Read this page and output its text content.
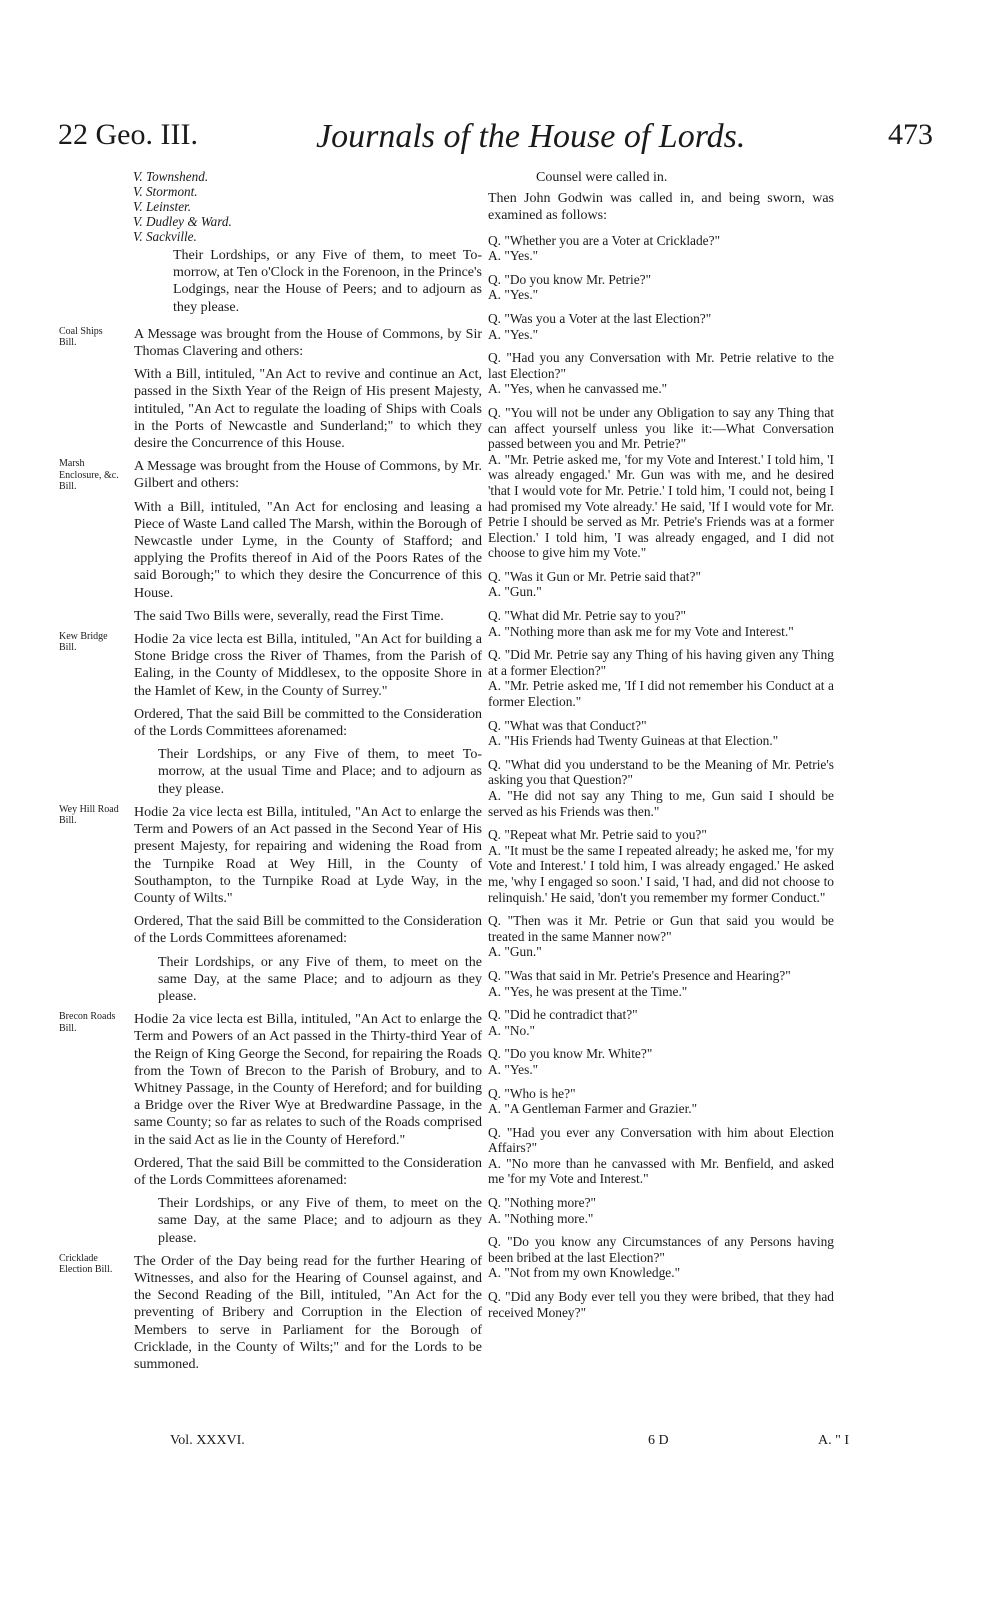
22 Geo. III.	Journals of the House of Lords.	473
V. Townshend.
V. Stormont.
V. Leinster.
V. Dudley & Ward.
V. Sackville.

Their Lordships, or any Five of them, to meet To-morrow, at Ten o'Clock in the Forenoon, in the Prince's Lodgings, near the House of Peers; and to adjourn as they please.

Coal Ships Bill.

A Message was brought from the House of Commons, by Sir Thomas Clavering and others:

With a Bill, intituled, "An Act to revive and continue an Act, passed in the Sixth Year of the Reign of His present Majesty, intituled, "An Act to regulate the loading of Ships with Coals in the Ports of Newcastle and Sunderland;" to which they desire the Concurrence of this House.

Marsh Enclosure, &c. Bill.

A Message was brought from the House of Commons, by Mr. Gilbert and others:

With a Bill, intituled, "An Act for enclosing and leasing a Piece of Waste Land called The Marsh, within the Borough of Newcastle under Lyme, in the County of Stafford; and applying the Profits thereof in Aid of the Poors Rates of the said Borough;" to which they desire the Concurrence of this House.

The said Two Bills were, severally, read the First Time.

Kew Bridge Bill.

Hodie 2a vice lecta est Billa, intituled, "An Act for building a Stone Bridge cross the River of Thames, from the Parish of Ealing, in the County of Middlesex, to the opposite Shore in the Hamlet of Kew, in the County of Surrey."

Ordered, That the said Bill be committed to the Consideration of the Lords Committees aforenamed:

Their Lordships, or any Five of them, to meet To-morrow, at the usual Time and Place; and to adjourn as they please.

Wey Hill Road Bill.

Hodie 2a vice lecta est Billa, intituled, "An Act to enlarge the Term and Powers of an Act passed in the Second Year of His present Majesty, for repairing and widening the Road from the Turnpike Road at Wey Hill, in the County of Southampton, to the Turnpike Road at Lyde Way, in the County of Wilts."

Ordered, That the said Bill be committed to the Consideration of the Lords Committees aforenamed:

Their Lordships, or any Five of them, to meet on the same Day, at the same Place; and to adjourn as they please.

Brecon Roads Bill.

Hodie 2a vice lecta est Billa, intituled, "An Act to enlarge the Term and Powers of an Act passed in the Thirty-third Year of the Reign of King George the Second, for repairing the Roads from the Town of Brecon to the Parish of Brobury, and to Whitney Passage, in the County of Hereford; and for building a Bridge over the River Wye at Bredwardine Passage, in the same County; so far as relates to such of the Roads comprised in the said Act as lie in the County of Hereford."

Ordered, That the said Bill be committed to the Consideration of the Lords Committees aforenamed:

Their Lordships, or any Five of them, to meet on the same Day, at the same Place; and to adjourn as they please.

Cricklade Election Bill.

The Order of the Day being read for the further Hearing of Witnesses, and also for the Hearing of Counsel against, and the Second Reading of the Bill, intituled, "An Act for the preventing of Bribery and Corruption in the Election of Members to serve in Parliament for the Borough of Cricklade, in the County of Wilts;" and for the Lords to be summoned.

Counsel were called in.

Then John Godwin was called in, and being sworn, was examined as follows:

Q. "Whether you are a Voter at Cricklade?"

A. "Yes."

Q. "Do you know Mr. Petrie?"

A. "Yes."

Q. "Was you a Voter at the last Election?"

A. "Yes."

Q. "Had you any Conversation with Mr. Petrie relative to the last Election?"

A. "Yes, when he canvassed me."

Q. "You will not be under any Obligation to say any Thing that can affect yourself unless you like it:—What Conversation passed between you and Mr. Petrie?"

A. "Mr. Petrie asked me, 'for my Vote and Interest.' I told him, 'I was already engaged.' Mr. Gun was with me, and he desired 'that I would vote for Mr. Petrie.' I told him, 'I could not, being I had promised my Vote already.' He said, 'If I would vote for Mr. Petrie I should be served as Mr. Petrie's Friends was at a former Election.' I told him, 'I was already engaged, and I did not choose to give him my Vote."

Q. "Was it Gun or Mr. Petrie said that?"

A. "Gun."

Q. "What did Mr. Petrie say to you?"

A. "Nothing more than ask me for my Vote and Interest."

Q. "Did Mr. Petrie say any Thing of his having given any Thing at a former Election?"

A. "Mr. Petrie asked me, 'If I did not remember his Conduct at a former Election."

Q. "What was that Conduct?"

A. "His Friends had Twenty Guineas at that Election."

Q. "What did you understand to be the Meaning of Mr. Petrie's asking you that Question?"

A. "He did not say any Thing to me, Gun said I should be served as his Friends was then."

Q. "Repeat what Mr. Petrie said to you?"

A. "It must be the same I repeated already; he asked me, 'for my Vote and Interest.' I told him, I was already engaged.' He asked me, 'why I engaged so soon.' I said, 'I had, and did not choose to relinquish.' He said, 'don't you remember my former Conduct."

Q. "Then was it Mr. Petrie or Gun that said you would be treated in the same Manner now?"

A. "Gun."

Q. "Was that said in Mr. Petrie's Presence and Hearing?"

A. "Yes, he was present at the Time."

Q. "Did he contradict that?"

A. "No."

Q. "Do you know Mr. White?"

A. "Yes."

Q. "Who is he?"

A. "A Gentleman Farmer and Grazier."

Q. "Had you ever any Conversation with him about Election Affairs?"

A. "No more than he canvassed with Mr. Benfield, and asked me 'for my Vote and Interest."

Q. "Nothing more?"

A. "Nothing more."

Q. "Do you know any Circumstances of any Persons having been bribed at the last Election?"

A. "Not from my own Knowledge."

Q. "Did any Body ever tell you they were bribed, that they had received Money?"

Vol. XXXVI.	6 D	A. " I
